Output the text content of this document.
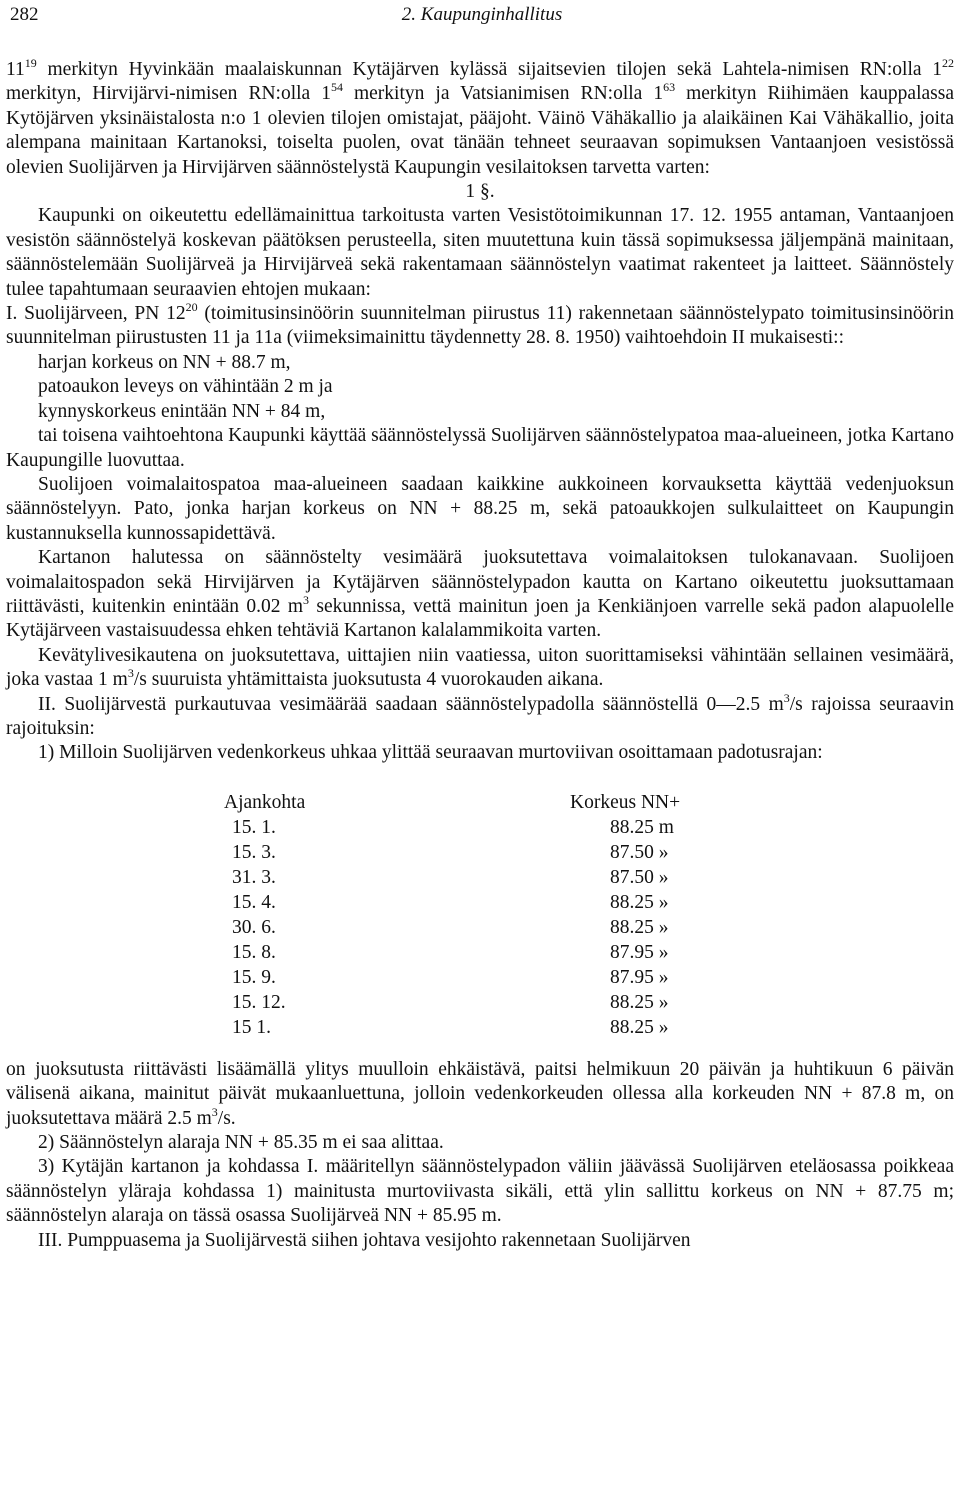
282	2. Kaupunginhallitus

$11^{19}$ merkityn Hyvinkään maalaiskunnan Kytäjärven kylässä sijaitsevien tilojen sekä Lahtela-nimisen RN:olla $1^{22}$ merkityn, Hirvijärvi-nimisen RN:olla $1^{54}$ merkityn ja Vatsianimisen RN:olla $1^{63}$ merkityn Riihimäen kauppalassa Kytöjärven yksinäistalosta n:o 1 olevien tilojen omistajat, pääjoht. Väinö Vähäkallio ja alaikäinen Kai Vähäkallio, joita alempana mainitaan Kartanoksi, toiselta puolen, ovat tänään tehneet seuraavan sopimuksen Vantaanjoen vesistössä olevien Suolijärven ja Hirvijärven säännöstelystä Kaupungin vesilaitoksen tarvetta varten:

1 §.

Kaupunki on oikeutettu edellämainittua tarkoitusta varten Vesistötoimikunnan 17. 12. 1955 antaman, Vantaanjoen vesistön säännöstelyä koskevan päätöksen perusteella, siten muutettuna kuin tässä sopimuksessa jäljempänä mainitaan, säännöstelemään Suolijärveä ja Hirvijärveä sekä rakentamaan säännöstelyn vaatimat rakenteet ja laitteet. Säännöstely tulee tapahtumaan seuraavien ehtojen mukaan:

I. Suolijärveen, PN $12^{20}$ (toimitusinsinöörin suunnitelman piirustus 11) rakennetaan säännöstelypato toimitusinsinöörin suunnitelman piirustusten 11 ja 11a (viimeksimainittu täydennetty 28. 8. 1950) vaihtoehdoin II mukaisesti::

harjan korkeus on NN + 88.7 m,

patoaukon leveys on vähintään 2 m ja

kynnyskorkeus enintään NN + 84 m,

tai toisena vaihtoehtona Kaupunki käyttää säännöstelyssä Suolijärven säännöstelypatoa maa-alueineen, jotka Kartano Kaupungille luovuttaa.

Suolijoen voimalaitospatoa maa-alueineen saadaan kaikkine aukkoineen korvauksetta käyttää vedenjuoksun säännöstelyyn. Pato, jonka harjan korkeus on NN + 88.25 m, sekä patoaukkojen sulkulaitteet on Kaupungin kustannuksella kunnossapidettävä.

Kartanon halutessa on säännöstelty vesimäärä juoksutettava voimalaitoksen tulokanavaan. Suolijoen voimalaitospadon sekä Hirvijärven ja Kytäjärven säännöstelypadon kautta on Kartano oikeutettu juoksuttamaan riittävästi, kuitenkin enintään 0.02 $m^3$ sekunnissa, vettä mainitun joen ja Kenkiänjoen varrelle sekä padon alapuolelle Kytäjärveen vastaisuudessa ehken tehtäviä Kartanon kalalammikoita varten.

Kevätylivesikautena on juoksutettava, uittajien niin vaatiessa, uiton suorittamiseksi vähintään sellainen vesimäärä, joka vastaa 1 $m^3/s$ suuruista yhtämittaista juoksutusta 4 vuorokauden aikana.

II. Suolijärvestä purkautuvaa vesimäärää saadaan säännöstelypadolla säännöstellä 0—2.5 $m^3/s$ rajoissa seuraavin rajoituksin:

1) Milloin Suolijärven vedenkorkeus uhkaa ylittää seuraavan murtoviivan osoittamaan padotusrajan:

Ajankohta	Korkeus NN+
15. 1.	88.25 m
15. 3.	87.50 »
31. 3.	87.50 »
15. 4.	88.25 »
30. 6.	88.25 »
15. 8.	87.95 »
15. 9.	87.95 »
15. 12.	88.25 »
15 1.	88.25 »

on juoksutusta riittävästi lisäämällä ylitys muulloin ehkäistävä, paitsi helmikuun 20 päivän ja huhtikuun 6 päivän välisenä aikana, mainitut päivät mukaanluettuna, jolloin vedenkorkeuden ollessa alla korkeuden NN + 87.8 m, on juoksutettava määrä 2.5 $m^3/s$.

2) Säännöstelyn alaraja NN + 85.35 m ei saa alittaa.

3) Kytäjän kartanon ja kohdassa I. määritellyn säännöstelypadon väliin jäävässä Suolijärven eteläosassa poikkeaa säännöstelyn yläraja kohdassa 1) mainitusta murtoviivasta sikäli, että ylin sallittu korkeus on NN + 87.75 m; säännöstelyn alaraja on tässä osassa Suolijärveä NN + 85.95 m.

III. Pumppuasema ja Suolijärvestä siihen johtava vesijohto rakennetaan Suolijärven
